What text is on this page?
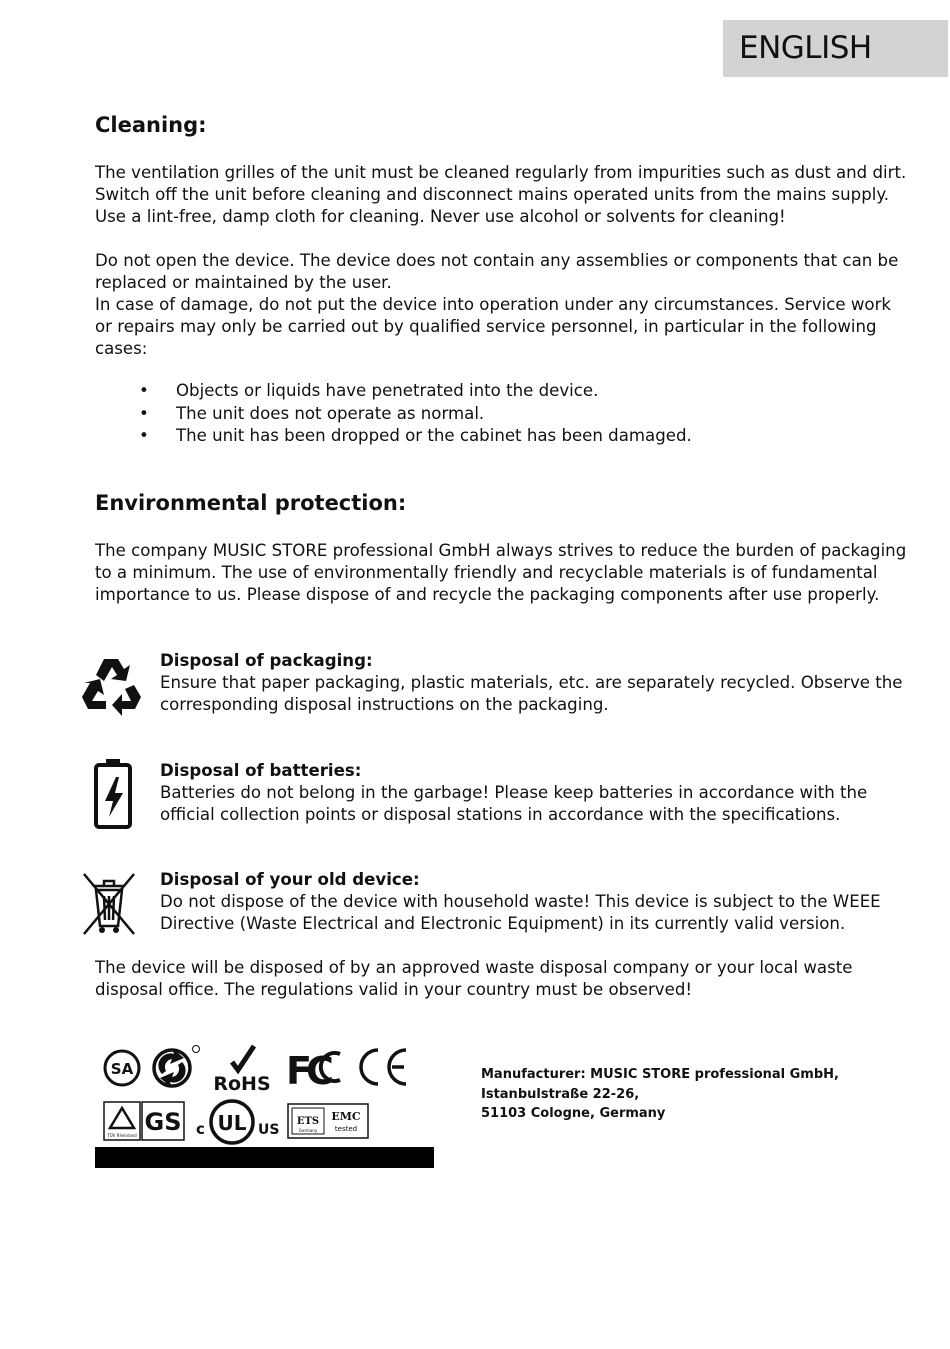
ENGLISH
Cleaning:
The ventilation grilles of the unit must be cleaned regularly from impurities such as dust and dirt.
Switch off the unit before cleaning and disconnect mains operated units from the mains supply.
Use a lint-free, damp cloth for cleaning. Never use alcohol or solvents for cleaning!
Do not open the device. The device does not contain any assemblies or components that can be
replaced or maintained by the user.
In case of damage, do not put the device into operation under any circumstances. Service work
or repairs may only be carried out by qualified service personnel, in particular in the following
cases:
• Objects or liquids have penetrated into the device.
• The unit does not operate as normal.
• The unit has been dropped or the cabinet has been damaged.
Environmental protection:
The company MUSIC STORE professional GmbH always strives to reduce the burden of packaging
to a minimum. The use of environmentally friendly and recyclable materials is of fundamental
importance to us. Please dispose of and recycle the packaging components after use properly.
Disposal of packaging:
Ensure that paper packaging, plastic materials, etc. are separately recycled. Observe the
corresponding disposal instructions on the packaging.
Disposal of batteries:
Batteries do not belong in the garbage! Please keep batteries in accordance with the
official collection points or disposal stations in accordance with the specifications.
Disposal of your old device:
Do not dispose of the device with household waste! This device is subject to the WEEE
Directive (Waste Electrical and Electronic Equipment) in its currently valid version.
The device will be disposed of by an approved waste disposal company or your local waste
disposal office. The regulations valid in your country must be observed!
SA
RoHS FC
CE
TÜV Rheinland GS c UL US
ETS
Germany
EMC
tested
Manufacturer: MUSIC STORE professional GmbH,
Istanbulstraße 22-26,
51103 Cologne, Germany
